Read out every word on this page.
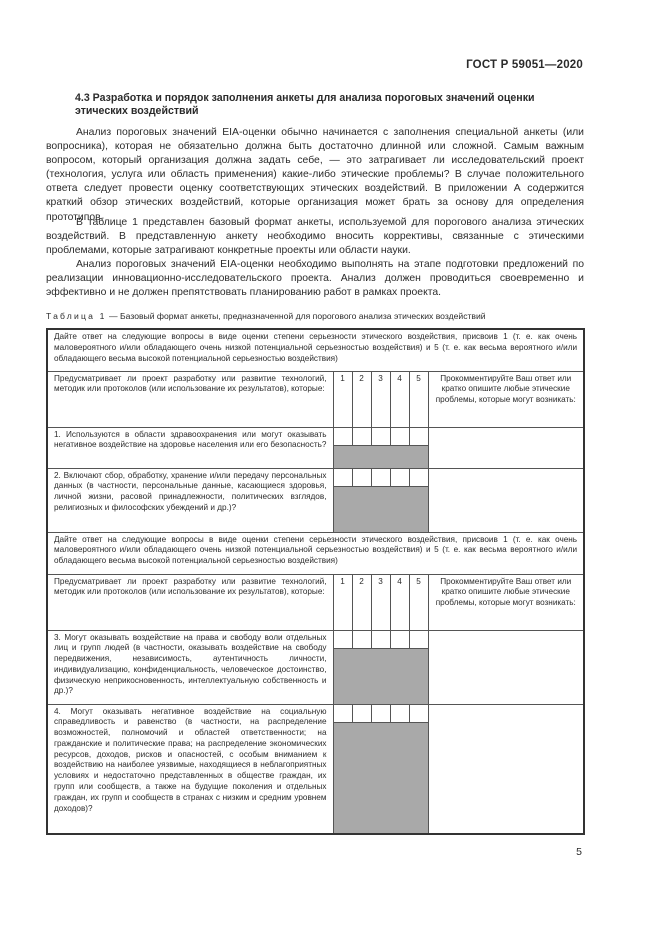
ГОСТ Р 59051—2020
4.3 Разработка и порядок заполнения анкеты для анализа пороговых значений оценки этических воздействий

Анализ пороговых значений EIA-оценки обычно начинается с заполнения специальной анкеты (или вопросника), которая не обязательно должна быть достаточно длинной или сложной. Самым важным вопросом, который организация должна задать себе, — это затрагивает ли исследовательский проект (технология, услуга или область применения) какие-либо этические проблемы? В случае положительного ответа следует провести оценку соответствующих этических воздействий. В приложении А содержится краткий обзор этических воздействий, которые организация может брать за основу для определения прототипов.

В таблице 1 представлен базовый формат анкеты, используемой для порогового анализа этических воздействий. В представленную анкету необходимо вносить коррективы, связанные с этическими проблемами, которые затрагивают конкретные проекты или области науки.

Анализ пороговых значений EIA-оценки необходимо выполнять на этапе подготовки предложений по реализации инновационно-исследовательского проекта. Анализ должен проводиться своевременно и эффективно и не должен препятствовать планированию работ в рамках проекта.

Таблица 1 — Базовый формат анкеты, предназначенной для порогового анализа этических воздействий
Дайте ответ на следующие вопросы в виде оценки степени серьезности этического воздействия, присвоив 1 (т. е. как очень маловероятного и/или обладающего очень низкой потенциальной серьезностью воздействия) и 5 (т. е. как весьма вероятного и/или обладающего весьма высокой потенциальной серьезностью воздействия)						
Предусматривает ли проект разработку или развитие технологий, методик или протоколов (или использование их результатов), которые:	1	2	3	4	5	Прокомментируйте Ваш ответ или кратко опишите любые этические проблемы, которые могут возникать:
1. Используются в области здравоохранения или могут оказывать негативное воздействие на здоровье населения или его безопасность?						

2. Включают сбор, обработку, хранение и/или передачу персональных данных (в частности, персональные данные, касающиеся здоровья, личной жизни, расовой принадлежности, политических взглядов, религиозных и философских убеждений и др.)?						

Дайте ответ на следующие вопросы в виде оценки степени серьезности этического воздействия, присвоив 1 (т. е. как очень маловероятного и/или обладающего очень низкой потенциальной серьезностью воздействия) и 5 (т. е. как весьма вероятного и/или обладающего весьма высокой потенциальной серьезностью воздействия)						
Предусматривает ли проект разработку или развитие технологий, методик или протоколов (или использование их результатов), которые:	1	2	3	4	5	Прокомментируйте Ваш ответ или кратко опишите любые этические проблемы, которые могут возникать:
3. Могут оказывать воздействие на права и свободу воли отдельных лиц и групп людей (в частности, оказывать воздействие на свободу передвижения, независимость, аутентичность личности, индивидуализацию, конфиденциальность, человеческое достоинство, физическую неприкосновенность, интеллектуальную собственность и др.)?						

4. Могут оказывать негативное воздействие на социальную справедливость и равенство (в частности, на распределение возможностей, полномочий и областей ответственности; на гражданские и политические права; на распределение экономических ресурсов, доходов, рисков и опасностей, с особым вниманием к воздействию на наиболее уязвимые, находящиеся в неблагоприятных условиях и недостаточно представленных в обществе граждан, их групп или сообществ, а также на будущие поколения и отдельных граждан, их групп и сообществ в странах с низким и средним уровнем доходов)?						

5
